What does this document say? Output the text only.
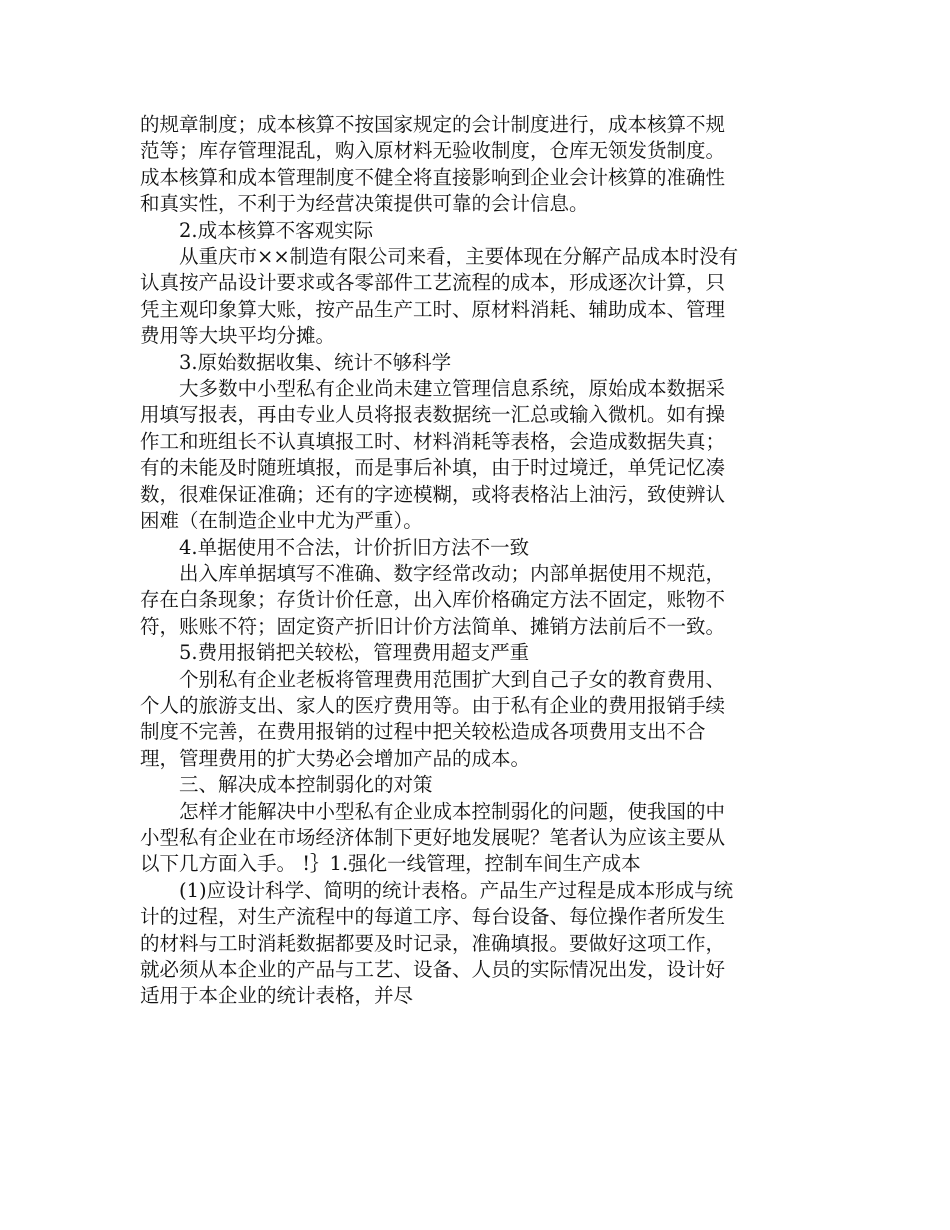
的规章制度；成本核算不按国家规定的会计制度进行，成本核算不规范等；库存管理混乱，购入原材料无验收制度，仓库无领发货制度。成本核算和成本管理制度不健全将直接影响到企业会计核算的准确性和真实性，不利于为经营决策提供可靠的会计信息。

2.成本核算不客观实际

从重庆市××制造有限公司来看，主要体现在分解产品成本时没有认真按产品设计要求或各零部件工艺流程的成本，形成逐次计算，只凭主观印象算大账，按产品生产工时、原材料消耗、辅助成本、管理费用等大块平均分摊。

3.原始数据收集、统计不够科学

大多数中小型私有企业尚未建立管理信息系统，原始成本数据采用填写报表，再由专业人员将报表数据统一汇总或输入微机。如有操作工和班组长不认真填报工时、材料消耗等表格，会造成数据失真；有的未能及时随班填报，而是事后补填，由于时过境迁，单凭记忆凑数，很难保证准确；还有的字迹模糊，或将表格沾上油污，致使辨认困难（在制造企业中尤为严重）。

4.单据使用不合法，计价折旧方法不一致

出入库单据填写不准确、数字经常改动；内部单据使用不规范，存在白条现象；存货计价任意，出入库价格确定方法不固定，账物不符，账账不符；固定资产折旧计价方法简单、摊销方法前后不一致。

5.费用报销把关较松，管理费用超支严重

个别私有企业老板将管理费用范围扩大到自己子女的教育费用、个人的旅游支出、家人的医疗费用等。由于私有企业的费用报销手续制度不完善，在费用报销的过程中把关较松造成各项费用支出不合理，管理费用的扩大势必会增加产品的成本。

三、解决成本控制弱化的对策

怎样才能解决中小型私有企业成本控制弱化的问题，使我国的中小型私有企业在市场经济体制下更好地发展呢？笔者认为应该主要从以下几方面入手。 !｝1.强化一线管理，控制车间生产成本

(1)应设计科学、简明的统计表格。产品生产过程是成本形成与统计的过程，对生产流程中的每道工序、每台设备、每位操作者所发生的材料与工时消耗数据都要及时记录，准确填报。要做好这项工作，就必须从本企业的产品与工艺、设备、人员的实际情况出发，设计好适用于本企业的统计表格，并尽
